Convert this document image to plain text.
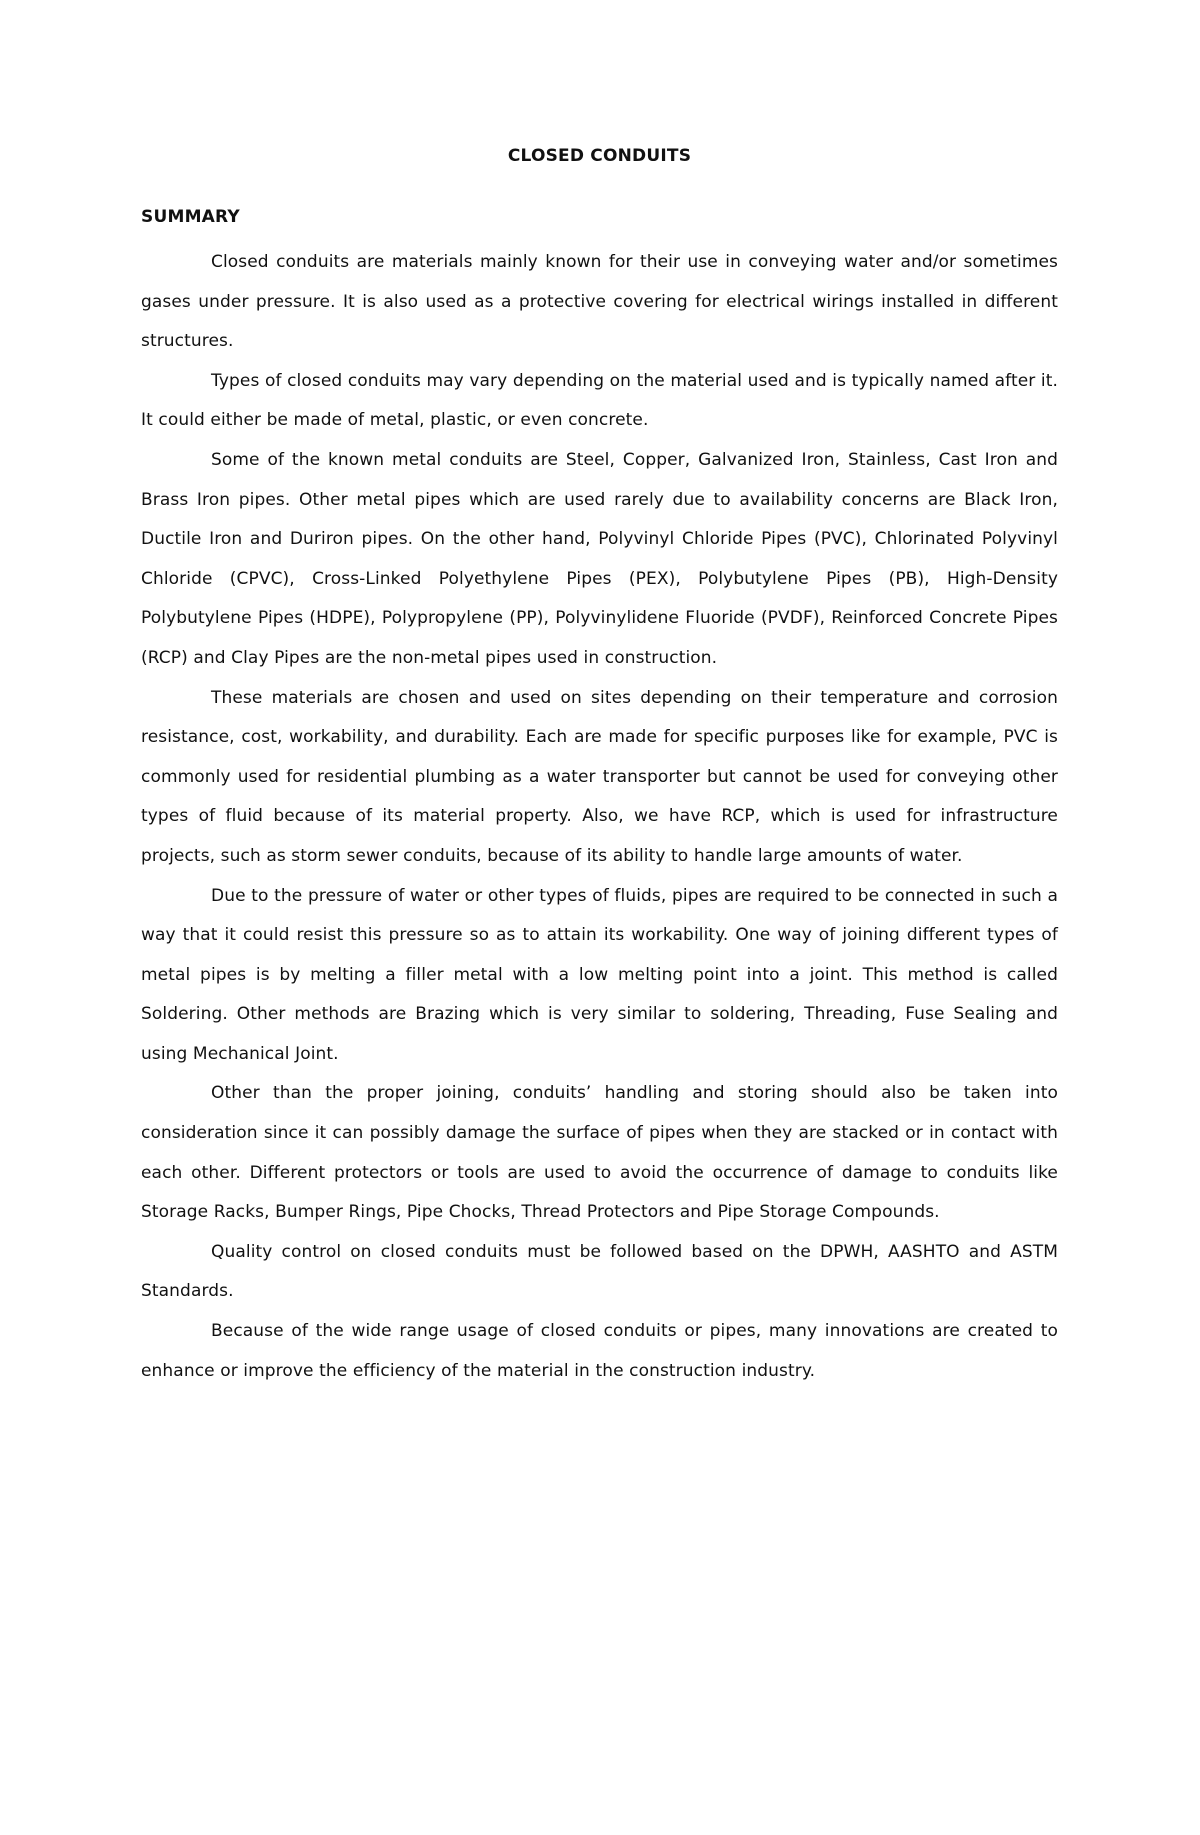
CLOSED CONDUITS
SUMMARY

Closed conduits are materials mainly known for their use in conveying water and/or sometimes gases under pressure. It is also used as a protective covering for electrical wirings installed in different structures.

Types of closed conduits may vary depending on the material used and is typically named after it. It could either be made of metal, plastic, or even concrete.

Some of the known metal conduits are Steel, Copper, Galvanized Iron, Stainless, Cast Iron and Brass Iron pipes. Other metal pipes which are used rarely due to availability concerns are Black Iron, Ductile Iron and Duriron pipes. On the other hand, Polyvinyl Chloride Pipes (PVC), Chlorinated Polyvinyl Chloride (CPVC), Cross-Linked Polyethylene Pipes (PEX), Polybutylene Pipes (PB), High-Density Polybutylene Pipes (HDPE), Polypropylene (PP), Polyvinylidene Fluoride (PVDF), Reinforced Concrete Pipes (RCP) and Clay Pipes are the non-metal pipes used in construction.

These materials are chosen and used on sites depending on their temperature and corrosion resistance, cost, workability, and durability. Each are made for specific purposes like for example, PVC is commonly used for residential plumbing as a water transporter but cannot be used for conveying other types of fluid because of its material property. Also, we have RCP, which is used for infrastructure projects, such as storm sewer conduits, because of its ability to handle large amounts of water.

Due to the pressure of water or other types of fluids, pipes are required to be connected in such a way that it could resist this pressure so as to attain its workability. One way of joining different types of metal pipes is by melting a filler metal with a low melting point into a joint. This method is called Soldering. Other methods are Brazing which is very similar to soldering, Threading, Fuse Sealing and using Mechanical Joint.

Other than the proper joining, conduits’ handling and storing should also be taken into consideration since it can possibly damage the surface of pipes when they are stacked or in contact with each other. Different protectors or tools are used to avoid the occurrence of damage to conduits like Storage Racks, Bumper Rings, Pipe Chocks, Thread Protectors and Pipe Storage Compounds.

Quality control on closed conduits must be followed based on the DPWH, AASHTO and ASTM Standards.

Because of the wide range usage of closed conduits or pipes, many innovations are created to enhance or improve the efficiency of the material in the construction industry.
